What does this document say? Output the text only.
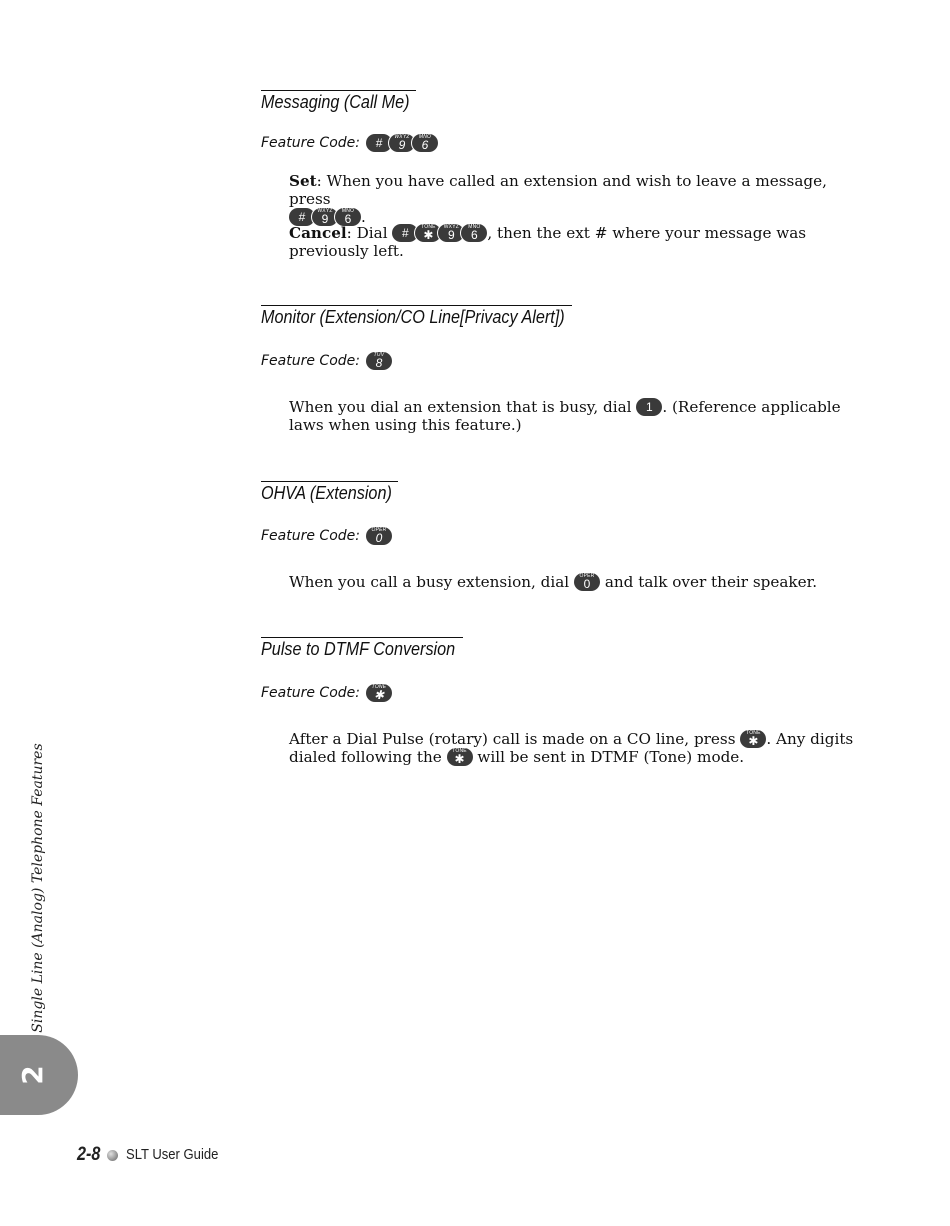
Messaging (Call Me)
Feature Code:	#	WXYZ
9
MNO
6
Set: When you have called an extension and wish to leave a message, press

#	WXYZ
9
MNO
6 .
Cancel: Dial	#	TONE
✱
WXYZ
9
MNO
6 , then the ext # where your message was previously left.
Monitor (Extension/CO Line[Privacy Alert])
Feature Code:	TUV
8
When you dial an extension that is busy, dial	1 . (Reference applicable laws when using this feature.)
OHVA (Extension)
Feature Code:	OPER
0
When you call a busy extension, dial	OPER
0 and talk over their speaker.
Pulse to DTMF Conversion
Feature Code:	TONE
✱
After a Dial Pulse (rotary) call is made on a CO line, press	TONE
✱ . Any digits dialed following the	TONE
✱ will be sent in DTMF (Tone) mode.
Single Line (Analog) Telephone Features
2
2-8 SLT User Guide
